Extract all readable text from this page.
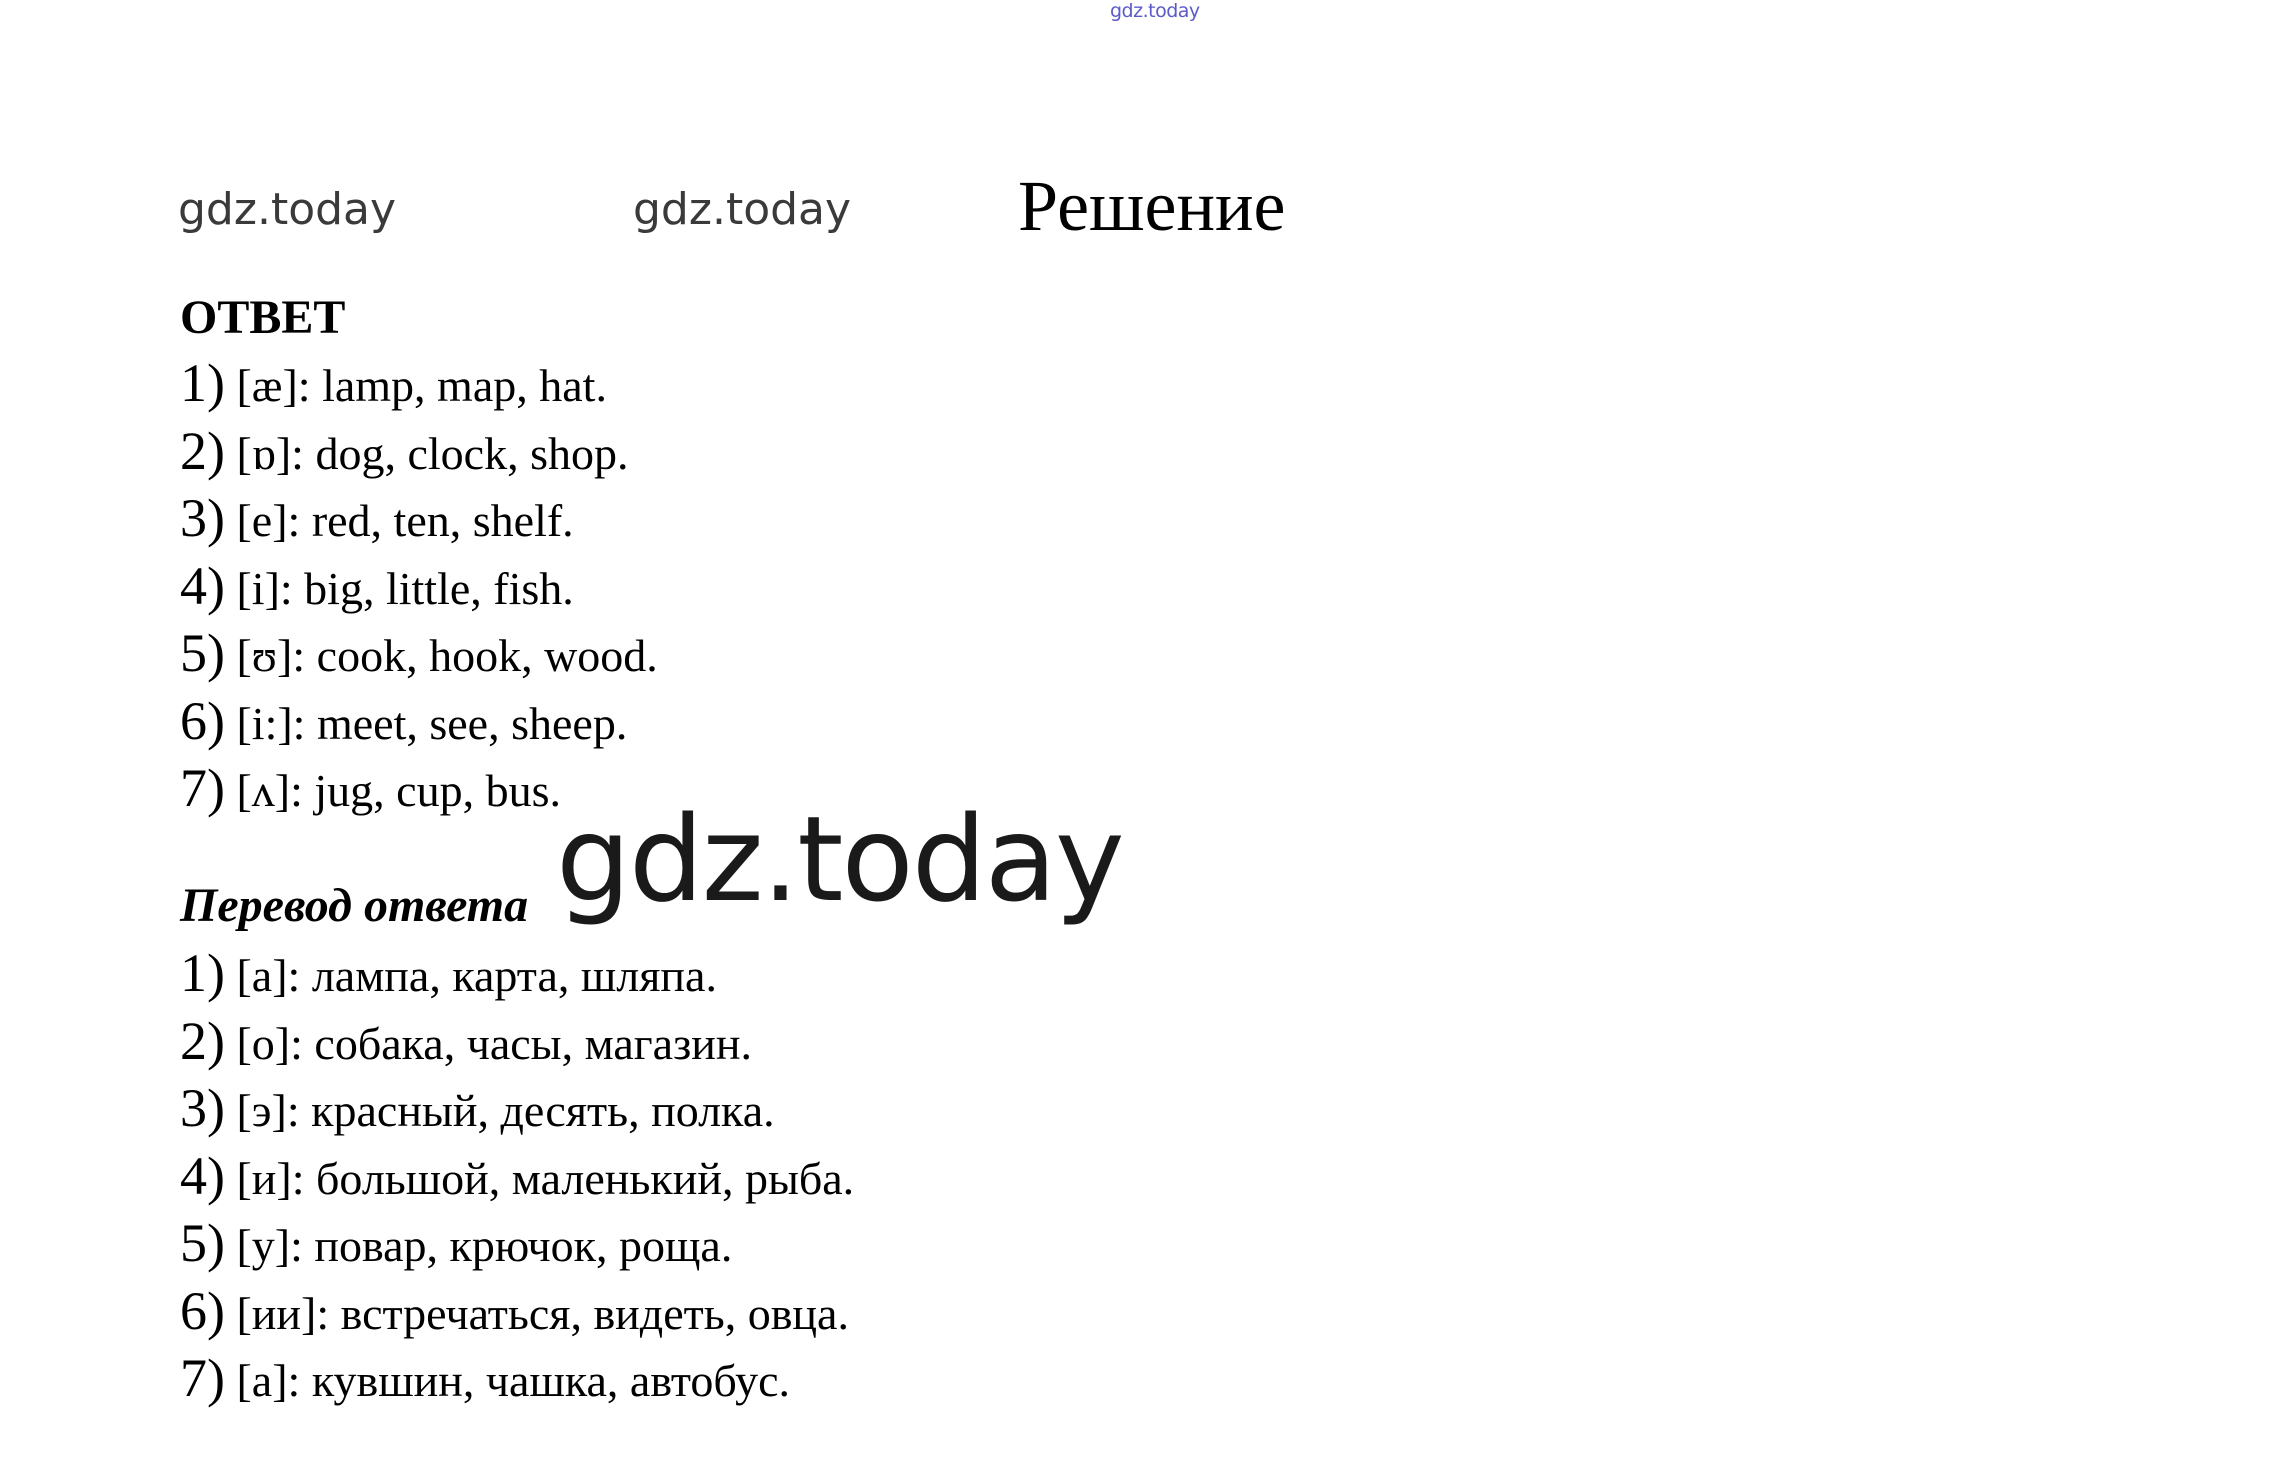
gdz.today
gdz.today	gdz.today Решение
ОТВЕТ
1) [æ]: lamp, map, hat.
2) [ɒ]: dog, clock, shop.
3) [e]: red, ten, shelf.
4) [i]: big, little, fish.
5) [ʊ]: cook, hook, wood.
6) [i:]: meet, see, sheep.
7) [ʌ]: jug, cup, bus.
Перевод ответа
1) [а]: лампа, карта, шляпа.
2) [о]: собака, часы, магазин.
3) [э]: красный, десять, полка.
4) [и]: большой, маленький, рыба.
5) [у]: повар, крючок, роща.
6) [ии]: встречаться, видеть, овца.
7) [а]: кувшин, чашка, автобус.
gdz.today
